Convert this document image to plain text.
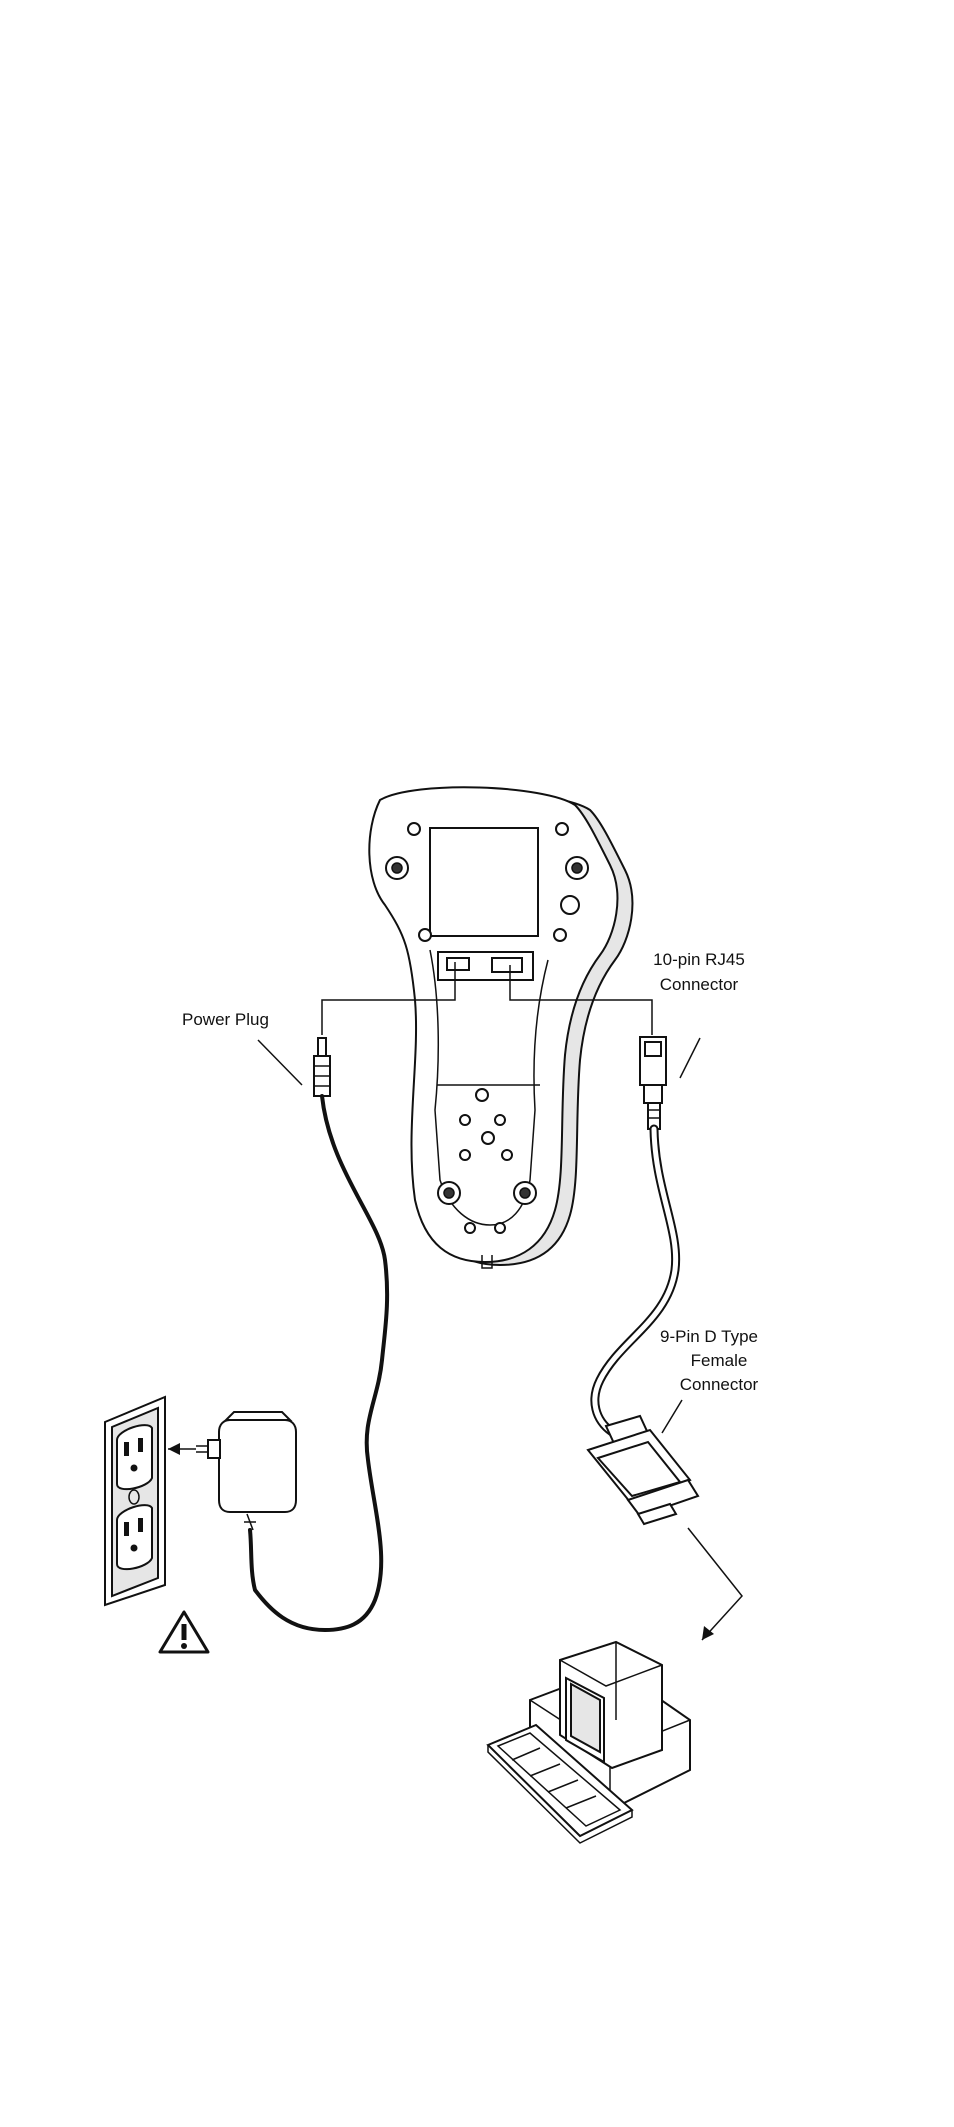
Power Plug
10-pin RJ45
Connector
9-Pin D Type
Female
Connector
